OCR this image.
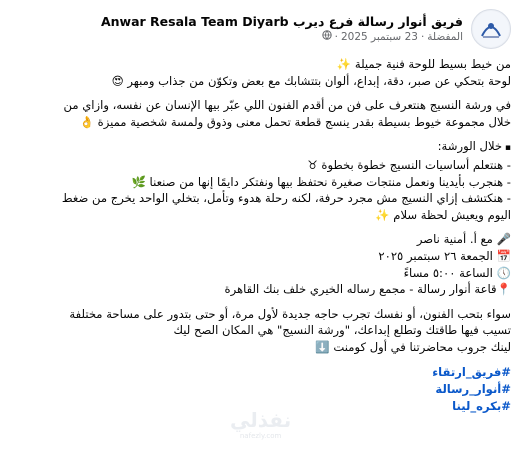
فريق أنوار رسالة فرع ديرب Anwar Resala Team Diyarb
المفضلة
·
23 سبتمبر 2025
·

من خيط بسيط للوحة فنية جميلة ✨
لوحة بتحكي عن صبر، دقة، إبداع، ألوان بتتشابك مع بعض وتكوّن من جذاب ومبهر 😍

في ورشة النسيج هنتعرف على فن من أقدم الفنون اللي عبّر بيها الإنسان عن نفسه، وازاي من
خلال مجموعة خيوط بسيطة بقدر ينسج قطعة تحمل معنى وذوق ولمسة شخصية مميزة 👌

▪ خلال الورشة:
- هنتعلم أساسيات النسيج خطوة بخطوة ♉
- هنجرب بأيدينا ونعمل منتجات صغيرة نحتفظ بيها ونفتكر دايمًا إنها من صنعنا 🌿
- هنكتشف إزاي النسيج مش مجرد حرفة، لكنه رحلة هدوء وتأمل، بتخلي الواحد يخرج من ضغط
اليوم ويعيش لحظة سلام ✨

🎤 مع أ. أمنية ناصر
📅 الجمعة ٢٦ سبتمبر ٢٠٢٥
🕔 الساعة ٥:٠٠ مساءً
📍قاعة أنوار رسالة - مجمع رساله الخيري خلف بنك القاهرة

سواء بتحب الفنون، أو نفسك تجرب حاجه جديدة لأول مرة، أو حتى بتدور على مساحة مختلفة
تسيب فيها طاقتك وتطلع إبداعك، "ورشة النسيج" هي المكان الصح ليك
لينك جروب محاضرتنا في أول كومنت ⬇️

#فريق_ارتقاء
#أنوار_رسالة
#بكره_لينا
نفذلي
nafezly.com
